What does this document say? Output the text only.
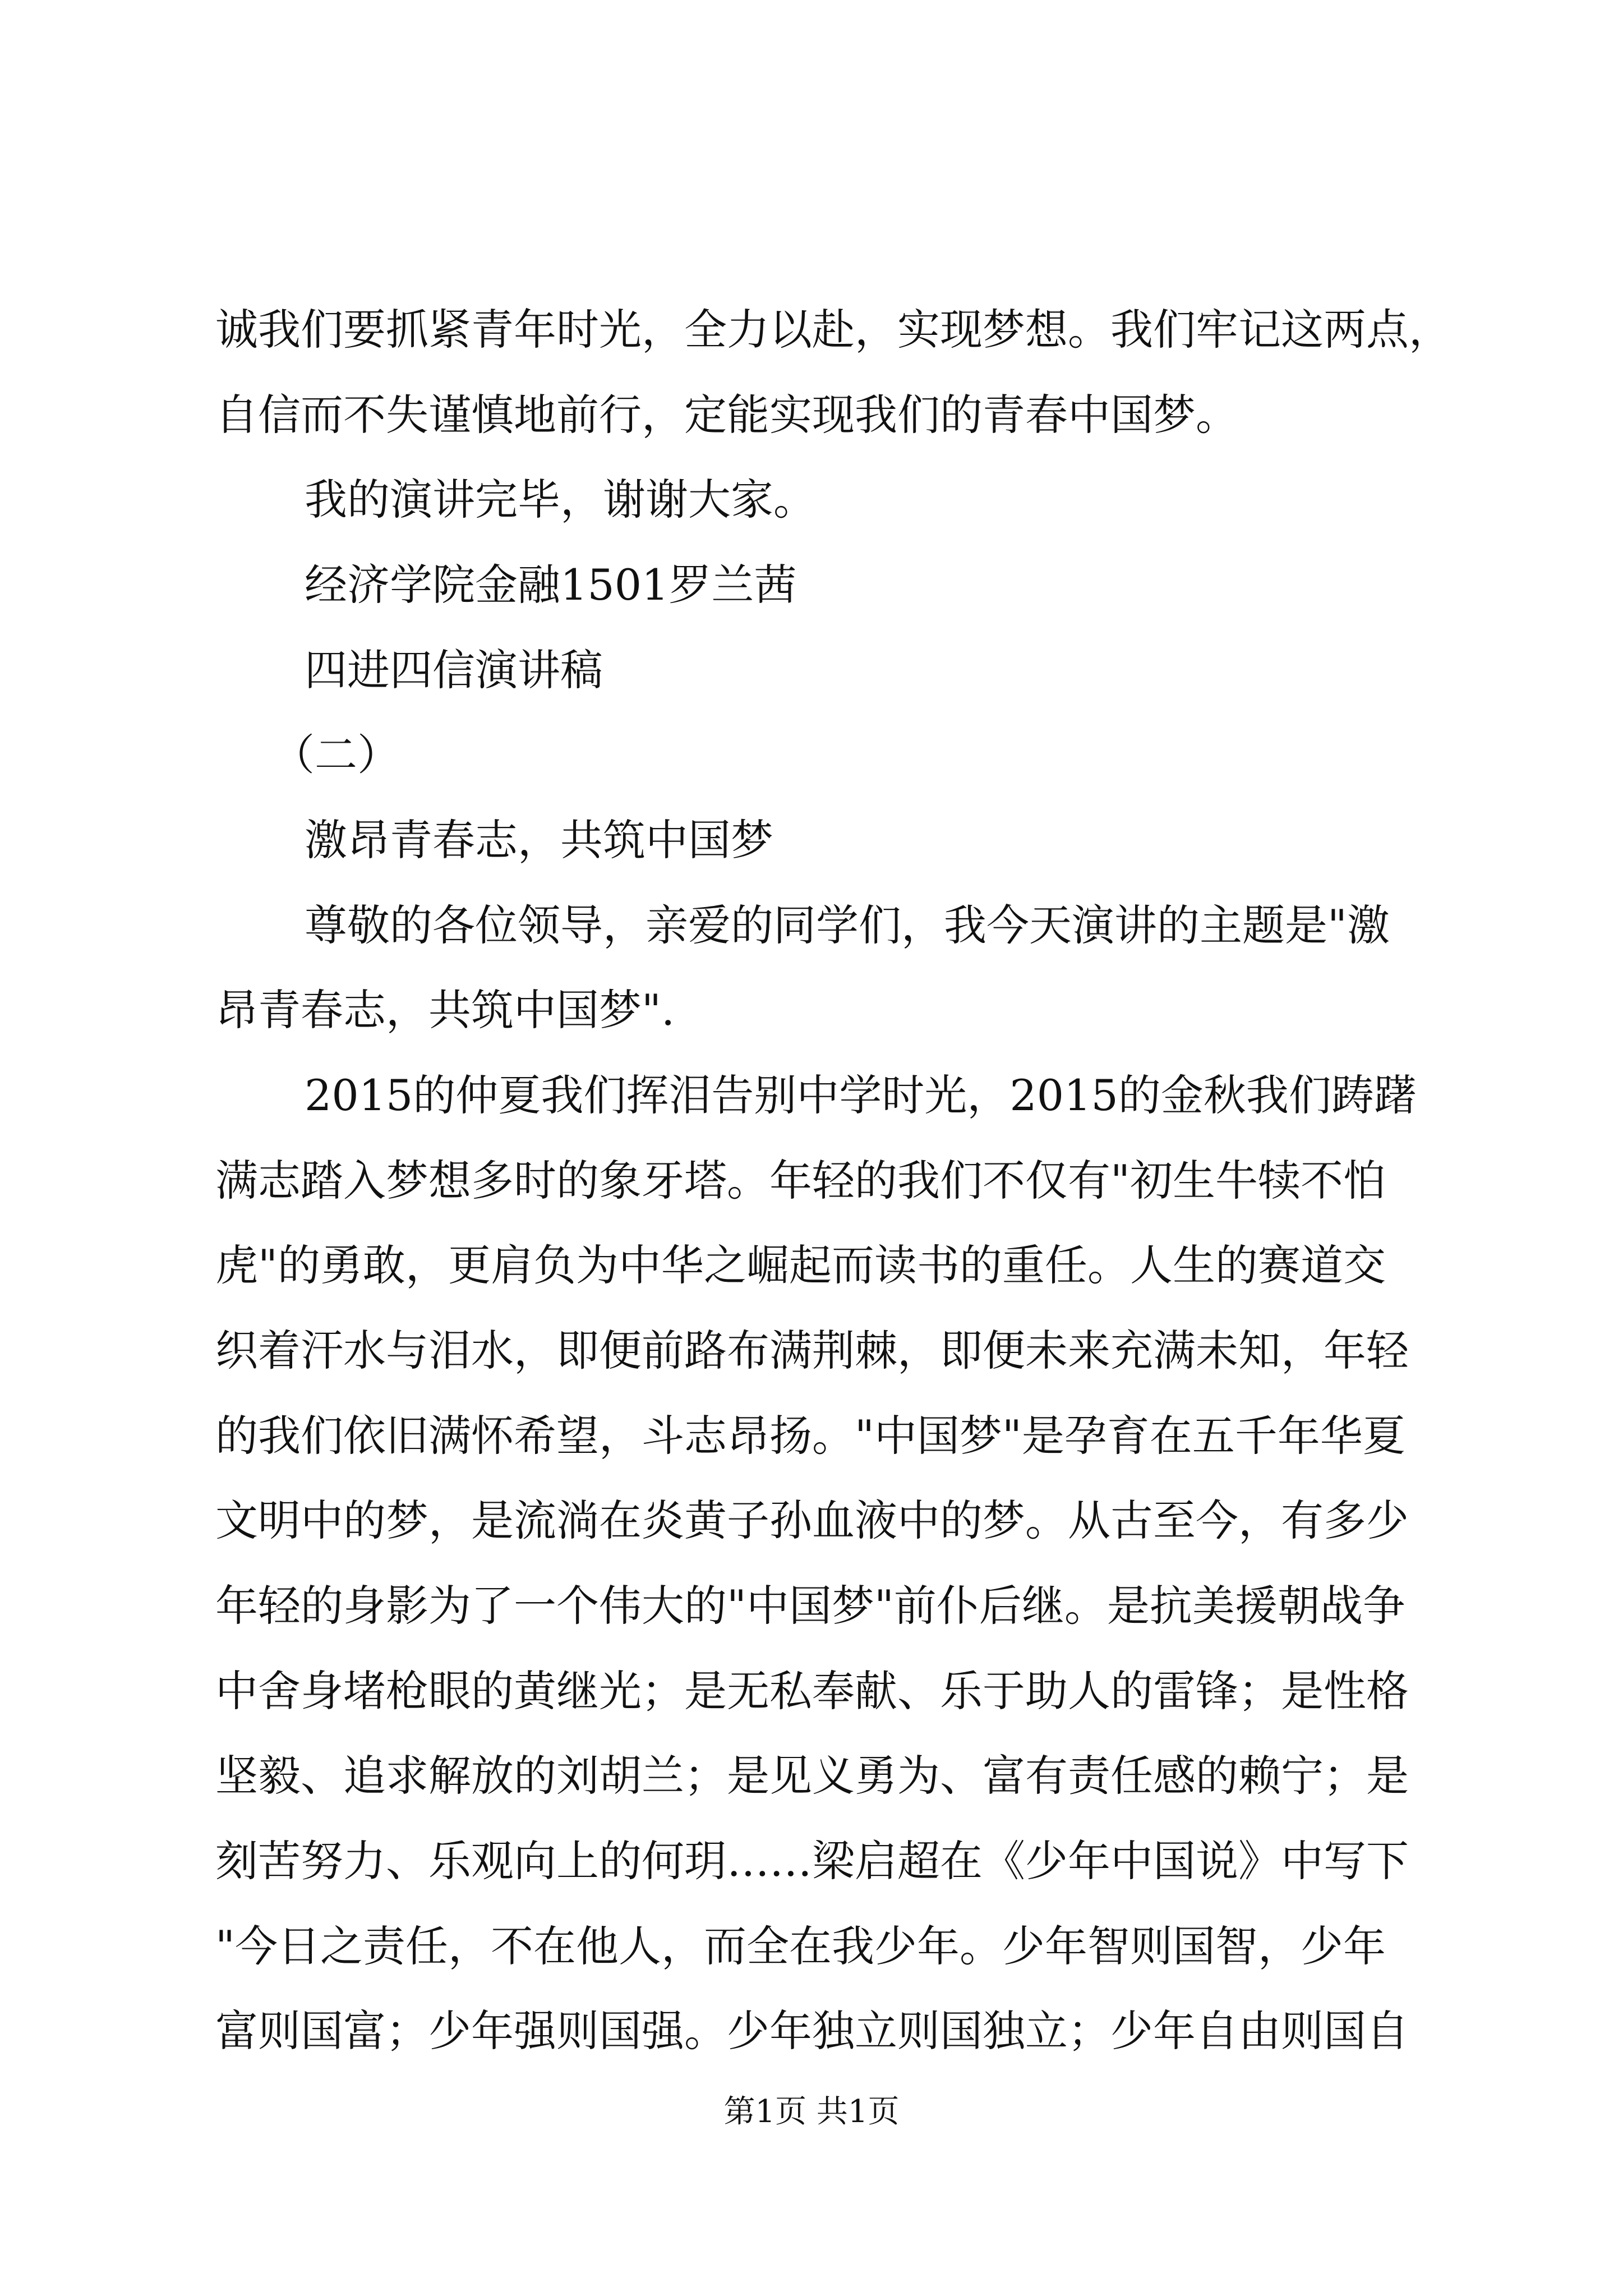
诚我们要抓紧青年时光，全力以赴，实现梦想。我们牢记这两点，
自信而不失谨慎地前行，定能实现我们的青春中国梦。
我的演讲完毕，谢谢大家。
经济学院金融1501罗兰茜
四进四信演讲稿
（二）
激昂青春志，共筑中国梦
尊敬的各位领导，亲爱的同学们，我今天演讲的主题是"激
昂青春志，共筑中国梦".
2015的仲夏我们挥泪告别中学时光，2015的金秋我们踌躇
满志踏入梦想多时的象牙塔。年轻的我们不仅有"初生牛犊不怕
虎"的勇敢，更肩负为中华之崛起而读书的重任。人生的赛道交
织着汗水与泪水，即便前路布满荆棘，即便未来充满未知，年轻
的我们依旧满怀希望，斗志昂扬。"中国梦"是孕育在五千年华夏
文明中的梦，是流淌在炎黄子孙血液中的梦。从古至今，有多少
年轻的身影为了一个伟大的"中国梦"前仆后继。是抗美援朝战争
中舍身堵枪眼的黄继光；是无私奉献、乐于助人的雷锋；是性格
坚毅、追求解放的刘胡兰；是见义勇为、富有责任感的赖宁；是
刻苦努力、乐观向上的何玥……梁启超在《少年中国说》中写下
"今日之责任，不在他人，而全在我少年。少年智则国智，少年
富则国富；少年强则国强。少年独立则国独立；少年自由则国自
第1页 共1页
